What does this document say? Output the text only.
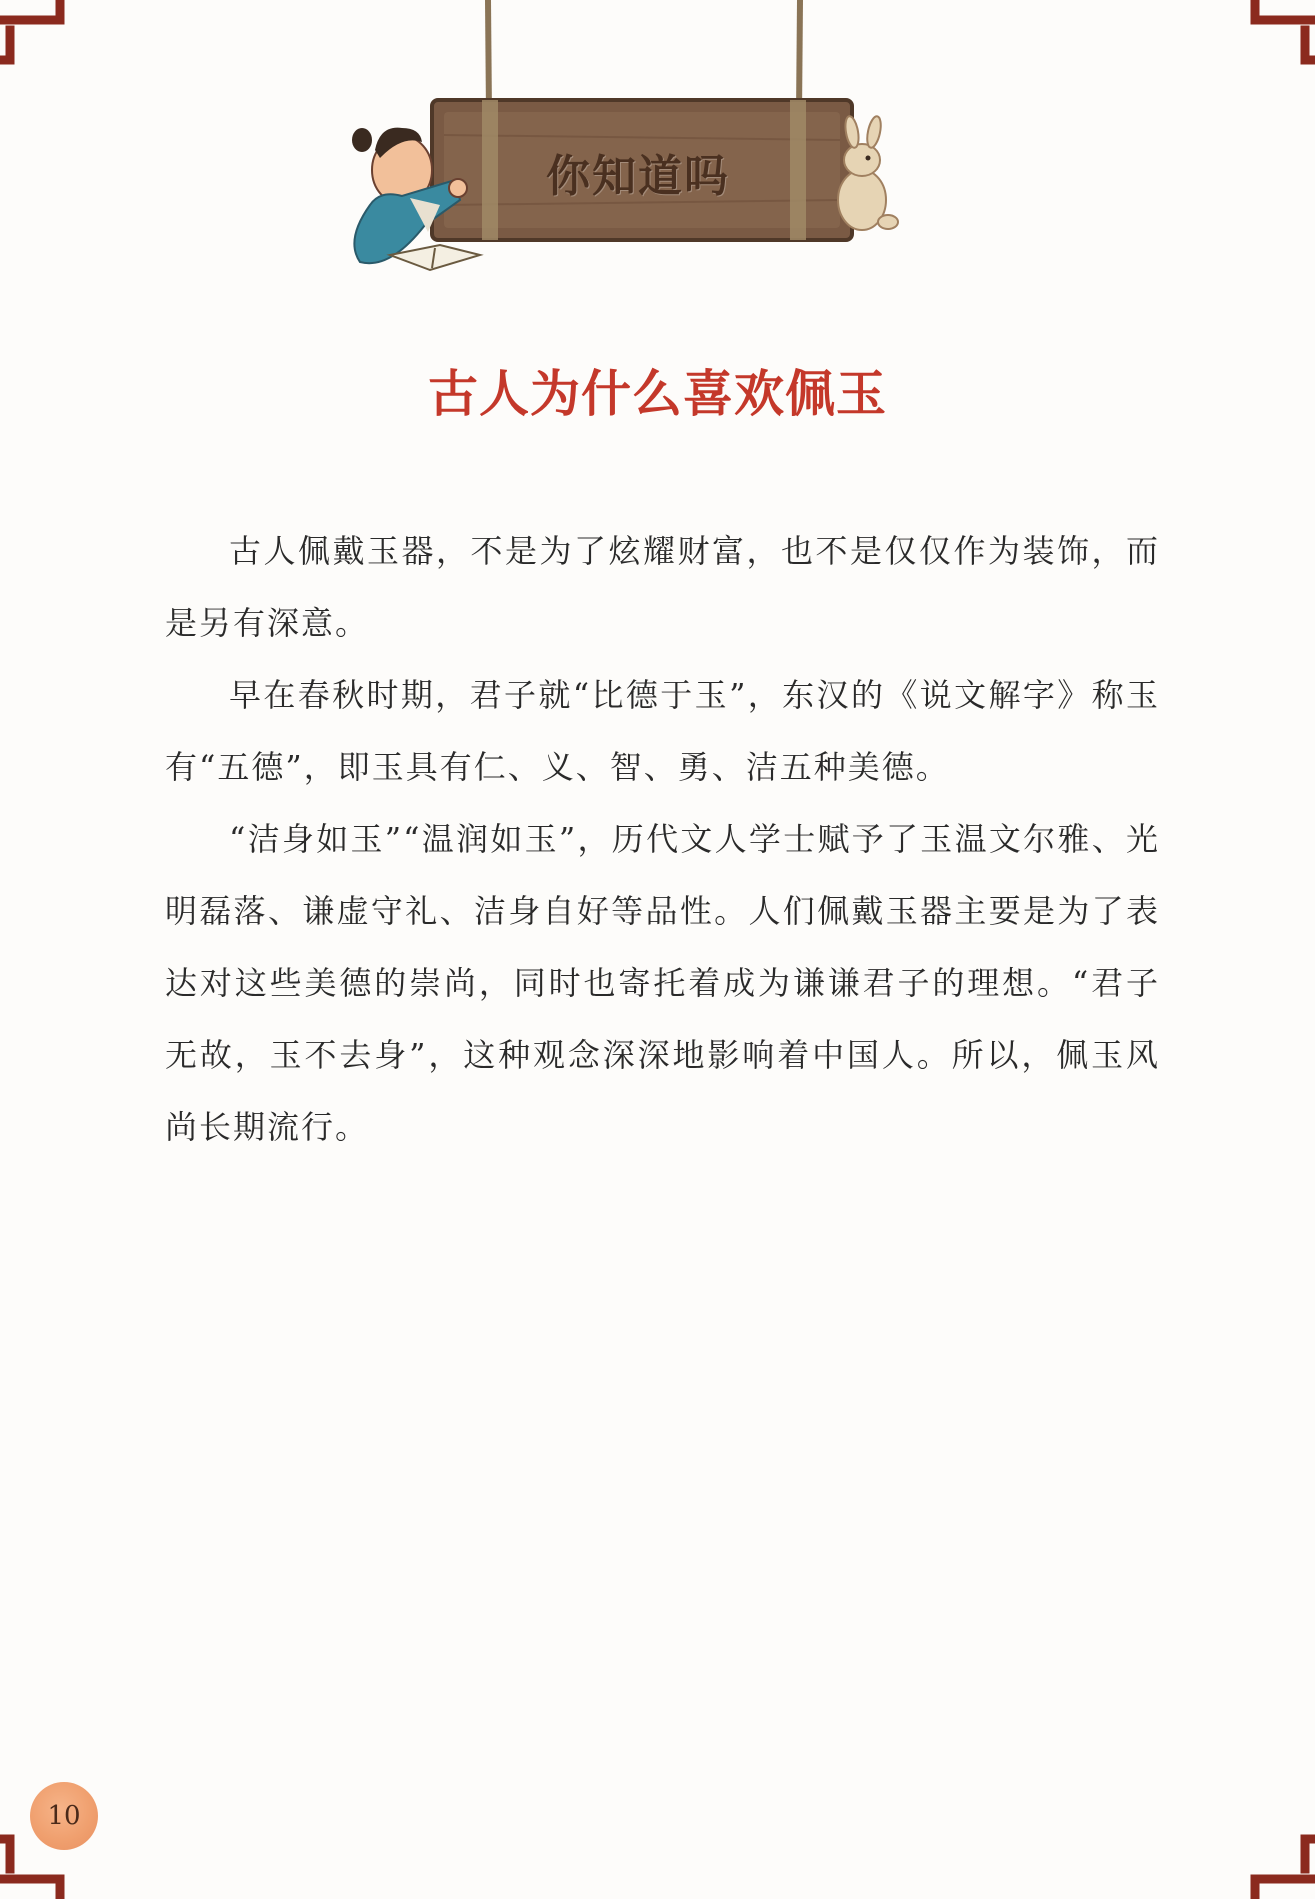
你知道吗
古人为什么喜欢佩玉

古人佩戴玉器，不是为了炫耀财富，也不是仅仅作为装饰，而是另有深意。

早在春秋时期，君子就“比德于玉”，东汉的《说文解字》称玉有“五德”，即玉具有仁、义、智、勇、洁五种美德。

“洁身如玉”“温润如玉”，历代文人学士赋予了玉温文尔雅、光明磊落、谦虚守礼、洁身自好等品性。人们佩戴玉器主要是为了表达对这些美德的崇尚，同时也寄托着成为谦谦君子的理想。“君子无故，玉不去身”，这种观念深深地影响着中国人。所以，佩玉风尚长期流行。

10
